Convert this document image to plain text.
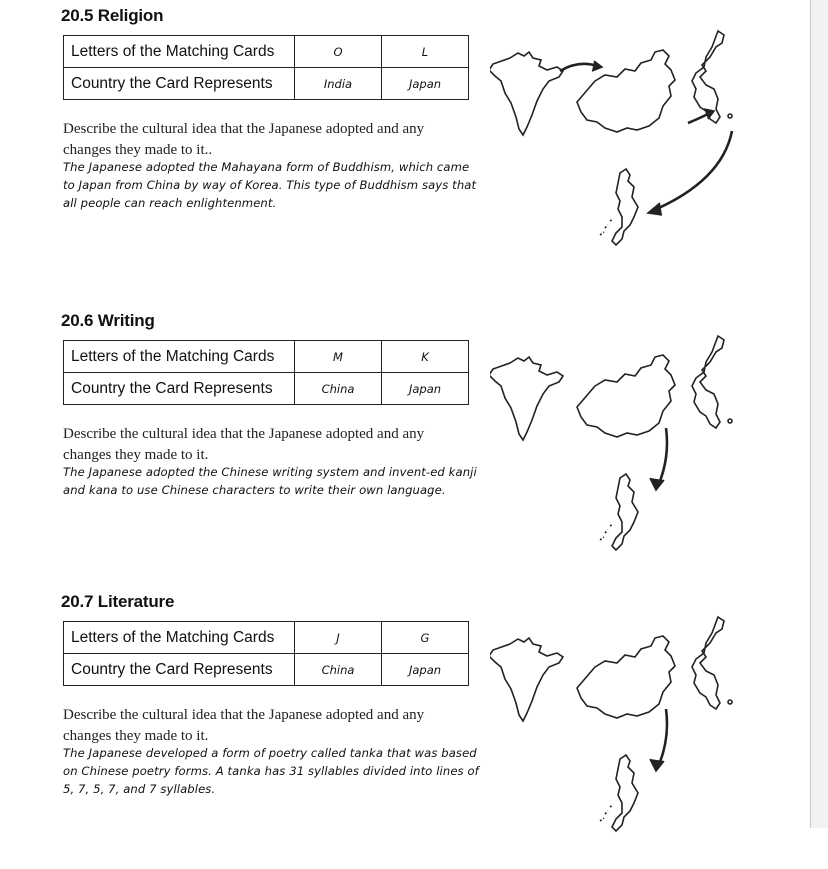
20.5 Religion
Letters of the Matching Cards	O	L
Country the Card Represents	India	Japan
Describe the cultural idea that the Japanese adopted and any changes they made to it..
The Japanese adopted the Mahayana form of Buddhism, which came to Japan from China by way of Korea. This type of Buddhism says that all people can reach enlightenment.
20.6 Writing
Letters of the Matching Cards	M	K
Country the Card Represents	China	Japan
Describe the cultural idea that the Japanese adopted and any changes they made to it.
The Japanese adopted the Chinese writing system and invent-ed kanji and kana to use Chinese characters to write their own language.
20.7 Literature
Letters of the Matching Cards	J	G
Country the Card Represents	China	Japan
Describe the cultural idea that the Japanese adopted and any changes they made to it.
The Japanese developed a form of poetry called tanka that was based on Chinese poetry forms. A tanka has 31 syllables divided into lines of 5, 7, 5, 7, and 7 syllables.
